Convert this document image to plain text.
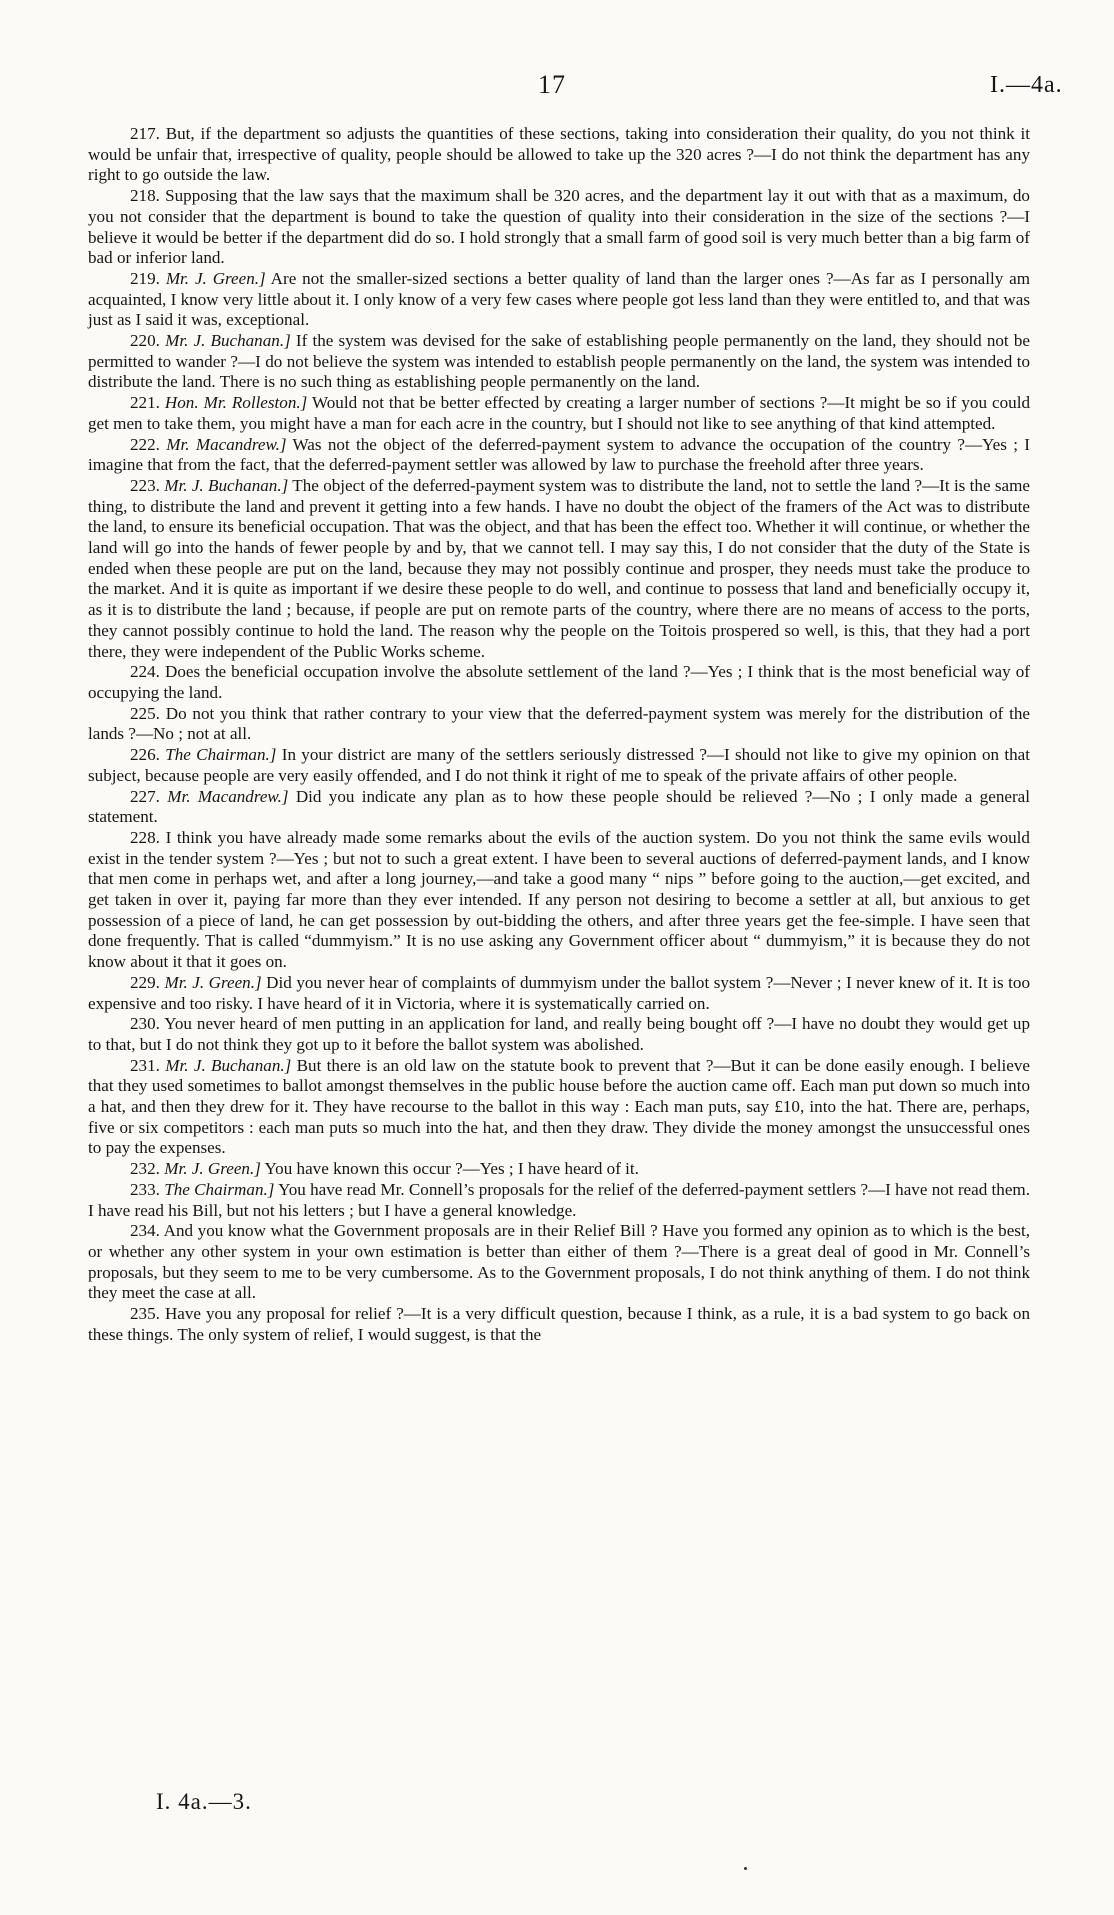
17	I.—4a.

217. But, if the department so adjusts the quantities of these sections, taking into consideration their quality, do you not think it would be unfair that, irrespective of quality, people should be allowed to take up the 320 acres ?—I do not think the department has any right to go outside the law.

218. Supposing that the law says that the maximum shall be 320 acres, and the department lay it out with that as a maximum, do you not consider that the department is bound to take the question of quality into their consideration in the size of the sections ?—I believe it would be better if the department did do so. I hold strongly that a small farm of good soil is very much better than a big farm of bad or inferior land.

219. Mr. J. Green.] Are not the smaller-sized sections a better quality of land than the larger ones ?—As far as I personally am acquainted, I know very little about it. I only know of a very few cases where people got less land than they were entitled to, and that was just as I said it was, exceptional.

220. Mr. J. Buchanan.] If the system was devised for the sake of establishing people permanently on the land, they should not be permitted to wander ?—I do not believe the system was intended to establish people permanently on the land, the system was intended to distribute the land. There is no such thing as establishing people permanently on the land.

221. Hon. Mr. Rolleston.] Would not that be better effected by creating a larger number of sections ?—It might be so if you could get men to take them, you might have a man for each acre in the country, but I should not like to see anything of that kind attempted.

222. Mr. Macandrew.] Was not the object of the deferred-payment system to advance the occupation of the country ?—Yes ; I imagine that from the fact, that the deferred-payment settler was allowed by law to purchase the freehold after three years.

223. Mr. J. Buchanan.] The object of the deferred-payment system was to distribute the land, not to settle the land ?—It is the same thing, to distribute the land and prevent it getting into a few hands. I have no doubt the object of the framers of the Act was to distribute the land, to ensure its beneficial occupation. That was the object, and that has been the effect too. Whether it will continue, or whether the land will go into the hands of fewer people by and by, that we cannot tell. I may say this, I do not consider that the duty of the State is ended when these people are put on the land, because they may not possibly continue and prosper, they needs must take the produce to the market. And it is quite as important if we desire these people to do well, and continue to possess that land and beneficially occupy it, as it is to distribute the land ; because, if people are put on remote parts of the country, where there are no means of access to the ports, they cannot possibly continue to hold the land. The reason why the people on the Toitois prospered so well, is this, that they had a port there, they were independent of the Public Works scheme.

224. Does the beneficial occupation involve the absolute settlement of the land ?—Yes ; I think that is the most beneficial way of occupying the land.

225. Do not you think that rather contrary to your view that the deferred-payment system was merely for the distribution of the lands ?—No ; not at all.

226. The Chairman.] In your district are many of the settlers seriously distressed ?—I should not like to give my opinion on that subject, because people are very easily offended, and I do not think it right of me to speak of the private affairs of other people.

227. Mr. Macandrew.] Did you indicate any plan as to how these people should be relieved ?—No ; I only made a general statement.

228. I think you have already made some remarks about the evils of the auction system. Do you not think the same evils would exist in the tender system ?—Yes ; but not to such a great extent. I have been to several auctions of deferred-payment lands, and I know that men come in perhaps wet, and after a long journey,—and take a good many “ nips ” before going to the auction,—get excited, and get taken in over it, paying far more than they ever intended. If any person not desiring to become a settler at all, but anxious to get possession of a piece of land, he can get possession by out-bidding the others, and after three years get the fee-simple. I have seen that done frequently. That is called “dummyism.” It is no use asking any Government officer about “ dummyism,” it is because they do not know about it that it goes on.

229. Mr. J. Green.] Did you never hear of complaints of dummyism under the ballot system ?—Never ; I never knew of it. It is too expensive and too risky. I have heard of it in Victoria, where it is systematically carried on.

230. You never heard of men putting in an application for land, and really being bought off ?—I have no doubt they would get up to that, but I do not think they got up to it before the ballot system was abolished.

231. Mr. J. Buchanan.] But there is an old law on the statute book to prevent that ?—But it can be done easily enough. I believe that they used sometimes to ballot amongst themselves in the public house before the auction came off. Each man put down so much into a hat, and then they drew for it. They have recourse to the ballot in this way : Each man puts, say £10, into the hat. There are, perhaps, five or six competitors : each man puts so much into the hat, and then they draw. They divide the money amongst the unsuccessful ones to pay the expenses.

232. Mr. J. Green.] You have known this occur ?—Yes ; I have heard of it.

233. The Chairman.] You have read Mr. Connell’s proposals for the relief of the deferred-payment settlers ?—I have not read them. I have read his Bill, but not his letters ; but I have a general knowledge.

234. And you know what the Government proposals are in their Relief Bill ? Have you formed any opinion as to which is the best, or whether any other system in your own estimation is better than either of them ?—There is a great deal of good in Mr. Connell’s proposals, but they seem to me to be very cumbersome. As to the Government proposals, I do not think anything of them. I do not think they meet the case at all.

235. Have you any proposal for relief ?—It is a very difficult question, because I think, as a rule, it is a bad system to go back on these things. The only system of relief, I would suggest, is that the

I. 4a.—3.
